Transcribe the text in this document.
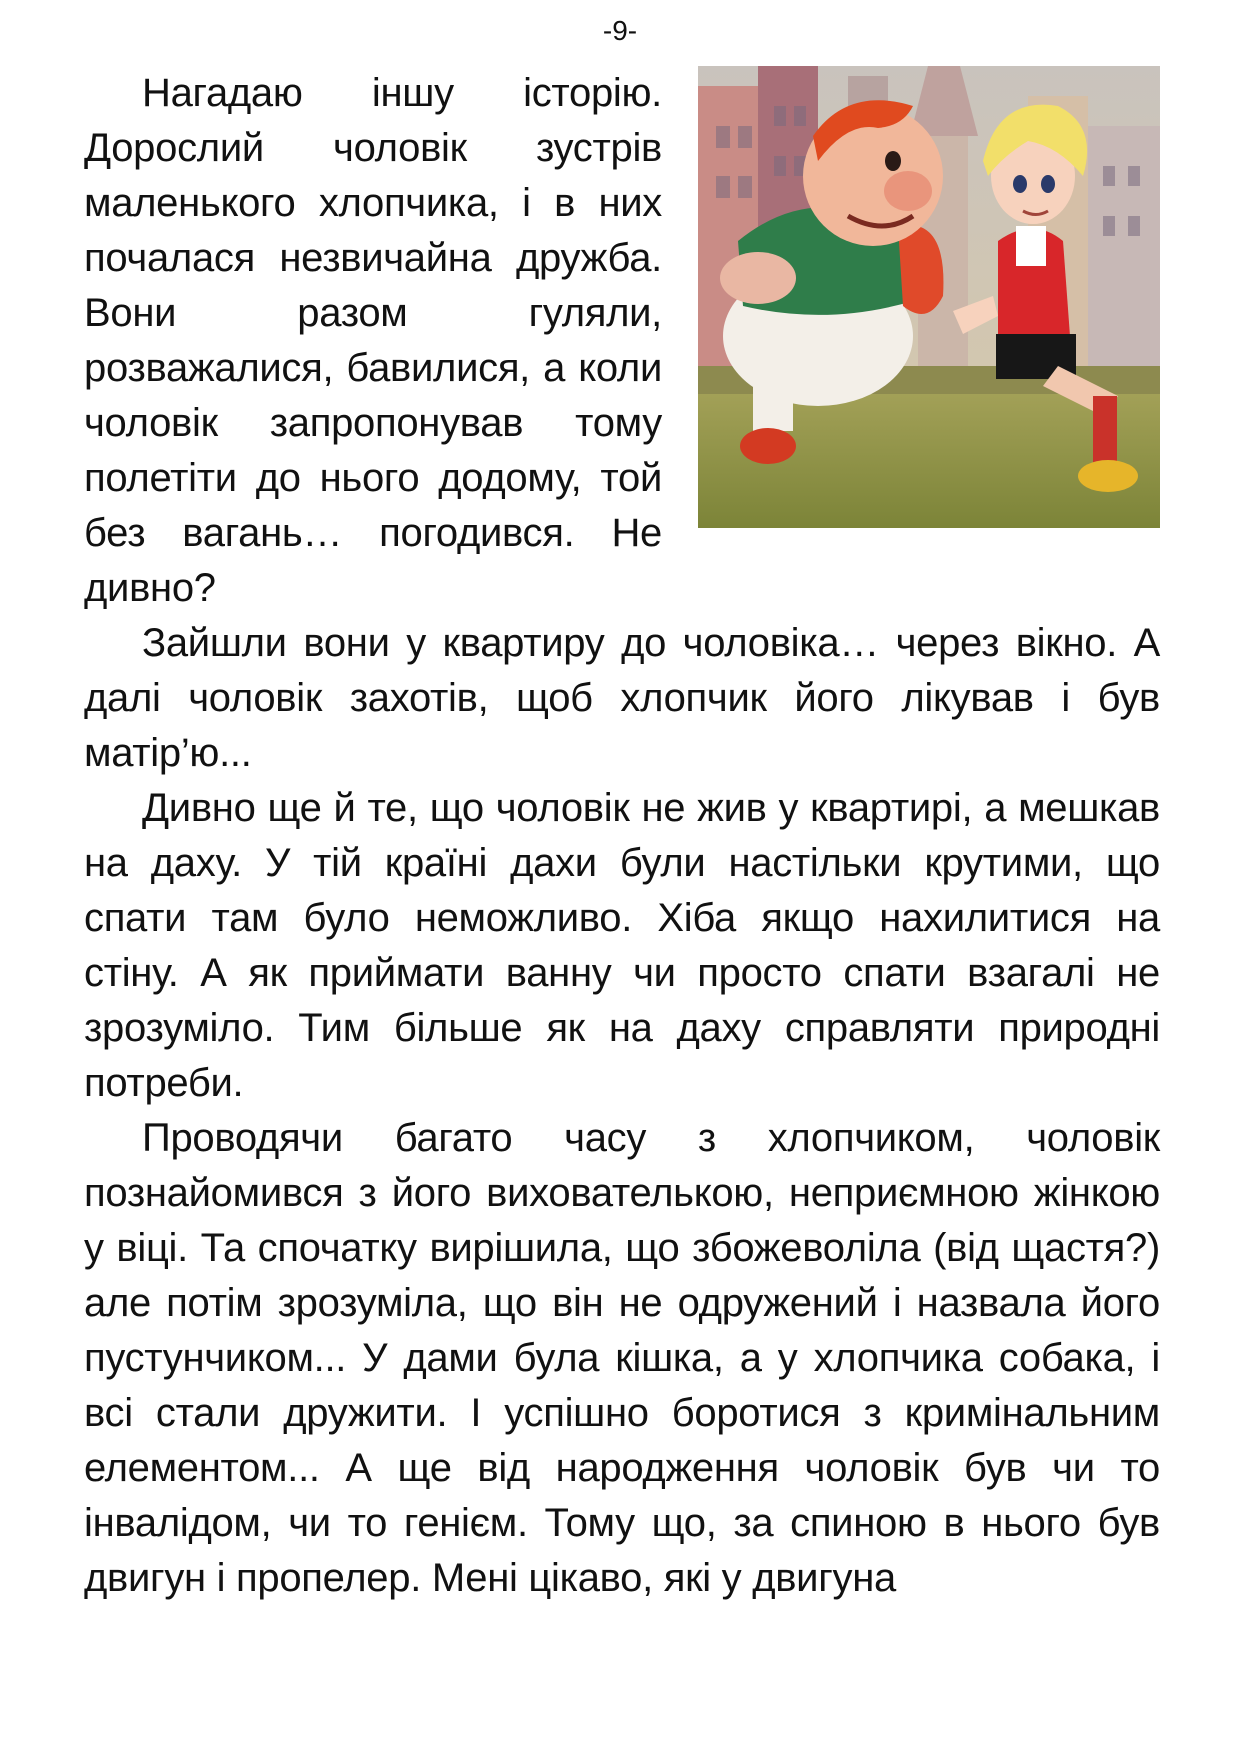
-9-

Нагадаю іншу історію. Дорослий чоловік зустрів маленького хлопчика, і в них почалася незвичайна дружба. Вони разом гуляли, розважалися, бавилися, а коли чоловік запропонував тому полетіти до нього додому, той без вагань… погодився. Не дивно?

Зайшли вони у квартиру до чоловіка… через вікно. А далі чоловік захотів, щоб хлопчик його лікував і був матір’ю...

Дивно ще й те, що чоловік не жив у квартирі, а мешкав на даху. У тій країні дахи були настільки крутими, що спати там було неможливо. Хіба якщо нахилитися на стіну. А як приймати ванну чи просто спати взагалі не зрозуміло. Тим більше як на даху справляти природні потреби.

Проводячи багато часу з хлопчиком, чоловік познайомився з його вихователькою, неприємною жінкою у віці. Та спочатку вирішила, що збожеволіла (від щастя?) але потім зрозуміла, що він не одружений і назвала його пустунчиком... У дами була кішка, а у хлопчика собака, і всі стали дружити. І успішно боротися з кримінальним елементом... А ще від народження чоловік був чи то інвалідом, чи то генієм. Тому що, за спиною в нього був двигун і пропелер. Мені цікаво, які у двигуна
